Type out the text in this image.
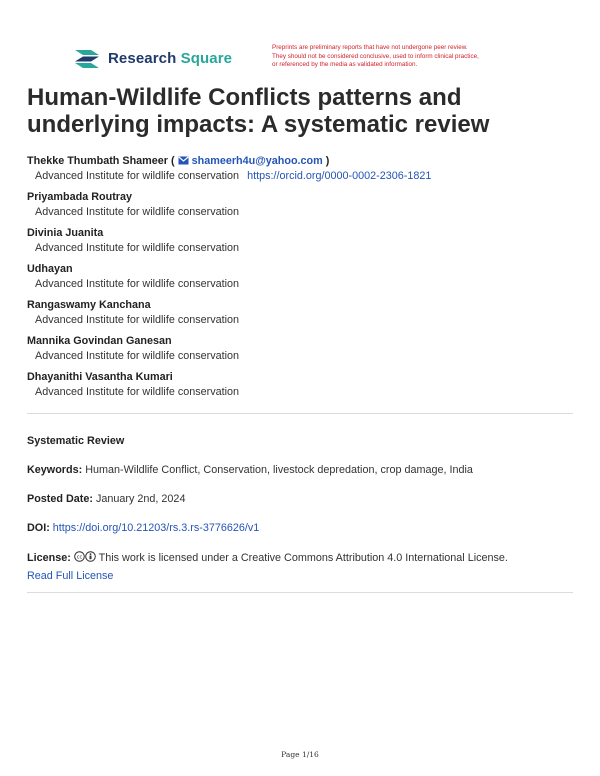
Research Square
Preprints are preliminary reports that have not undergone peer review.
They should not be considered conclusive, used to inform clinical practice,
or referenced by the media as validated information.
Human-Wildlife Conflicts patterns and underlying impacts: A systematic review
Thekke Thumbath Shameer (  shameerh4u@yahoo.com )
Advanced Institute for wildlife conservation https://orcid.org/0000-0002-2306-1821
Priyambada Routray
Advanced Institute for wildlife conservation
Divinia Juanita
Advanced Institute for wildlife conservation
Udhayan
Advanced Institute for wildlife conservation
Rangaswamy Kanchana
Advanced Institute for wildlife conservation
Mannika Govindan Ganesan
Advanced Institute for wildlife conservation
Dhayanithi Vasantha Kumari
Advanced Institute for wildlife conservation
Systematic Review
Keywords: Human-Wildlife Conflict, Conservation, livestock depredation, crop damage, India
Posted Date: January 2nd, 2024
DOI: https://doi.org/10.21203/rs.3.rs-3776626/v1
License: cc This work is licensed under a Creative Commons Attribution 4.0 International License.
Read Full License
Page 1/16
